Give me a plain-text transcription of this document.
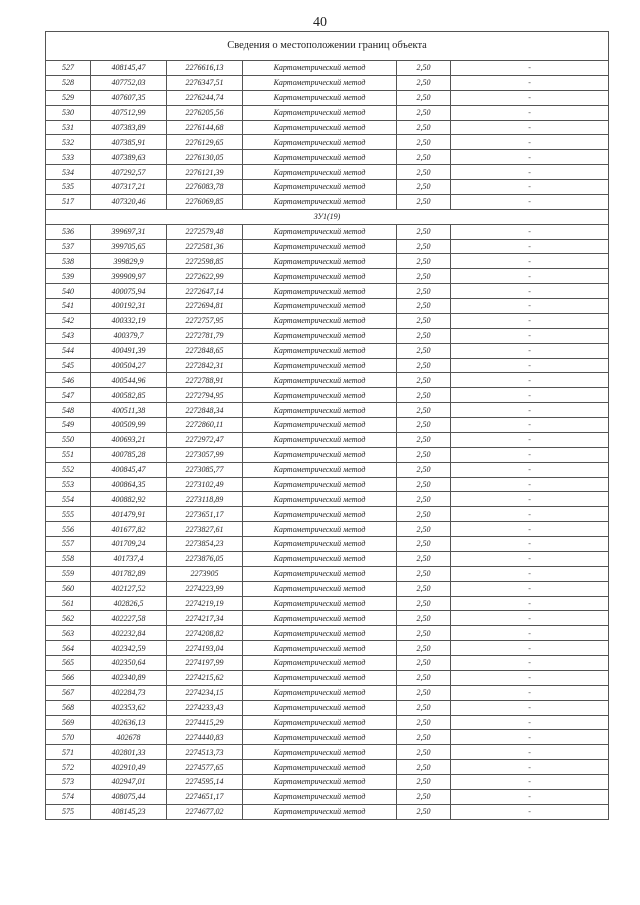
40
Сведения о местоположении границ объекта					
527	408145,47	2276616,13	Картометрический метод	2,50	-
528	407752,03	2276347,51	Картометрический метод	2,50	-
529	407607,35	2276244,74	Картометрический метод	2,50	-
530	407512,99	2276205,56	Картометрический метод	2,50	-
531	407383,89	2276144,68	Картометрический метод	2,50	-
532	407385,91	2276129,65	Картометрический метод	2,50	-
533	407389,63	2276130,05	Картометрический метод	2,50	-
534	407292,57	2276121,39	Картометрический метод	2,50	-
535	407317,21	2276083,78	Картометрический метод	2,50	-
517	407320,46	2276069,85	Картометрический метод	2,50	-
ЗУ1(19)					
536	399697,31	2272579,48	Картометрический метод	2,50	-
537	399705,65	2272581,36	Картометрический метод	2,50	-
538	399829,9	2272598,85	Картометрический метод	2,50	-
539	399909,97	2272622,99	Картометрический метод	2,50	-
540	400075,94	2272647,14	Картометрический метод	2,50	-
541	400192,31	2272694,81	Картометрический метод	2,50	-
542	400332,19	2272757,95	Картометрический метод	2,50	-
543	400379,7	2272781,79	Картометрический метод	2,50	-
544	400491,39	2272848,65	Картометрический метод	2,50	-
545	400504,27	2272842,31	Картометрический метод	2,50	-
546	400544,96	2272788,91	Картометрический метод	2,50	-
547	400582,85	2272794,95	Картометрический метод	2,50	-
548	400511,38	2272848,34	Картометрический метод	2,50	-
549	400509,99	2272860,11	Картометрический метод	2,50	-
550	400693,21	2272972,47	Картометрический метод	2,50	-
551	400785,28	2273057,99	Картометрический метод	2,50	-
552	400845,47	2273085,77	Картометрический метод	2,50	-
553	400864,35	2273102,49	Картометрический метод	2,50	-
554	400882,92	2273118,89	Картометрический метод	2,50	-
555	401479,91	2273651,17	Картометрический метод	2,50	-
556	401677,82	2273827,61	Картометрический метод	2,50	-
557	401709,24	2273854,23	Картометрический метод	2,50	-
558	401737,4	2273876,05	Картометрический метод	2,50	-
559	401782,89	2273905	Картометрический метод	2,50	-
560	402127,52	2274223,99	Картометрический метод	2,50	-
561	402826,5	2274219,19	Картометрический метод	2,50	-
562	402227,58	2274217,34	Картометрический метод	2,50	-
563	402232,84	2274208,82	Картометрический метод	2,50	-
564	402342,59	2274193,04	Картометрический метод	2,50	-
565	402350,64	2274197,99	Картометрический метод	2,50	-
566	402340,89	2274215,62	Картометрический метод	2,50	-
567	402284,73	2274234,15	Картометрический метод	2,50	-
568	402353,62	2274233,43	Картометрический метод	2,50	-
569	402636,13	2274415,29	Картометрический метод	2,50	-
570	402678	2274440,83	Картометрический метод	2,50	-
571	402801,33	2274513,73	Картометрический метод	2,50	-
572	402910,49	2274577,65	Картометрический метод	2,50	-
573	402947,01	2274595,14	Картометрический метод	2,50	-
574	408075,44	2274651,17	Картометрический метод	2,50	-
575	408145,23	2274677,02	Картометрический метод	2,50	-
